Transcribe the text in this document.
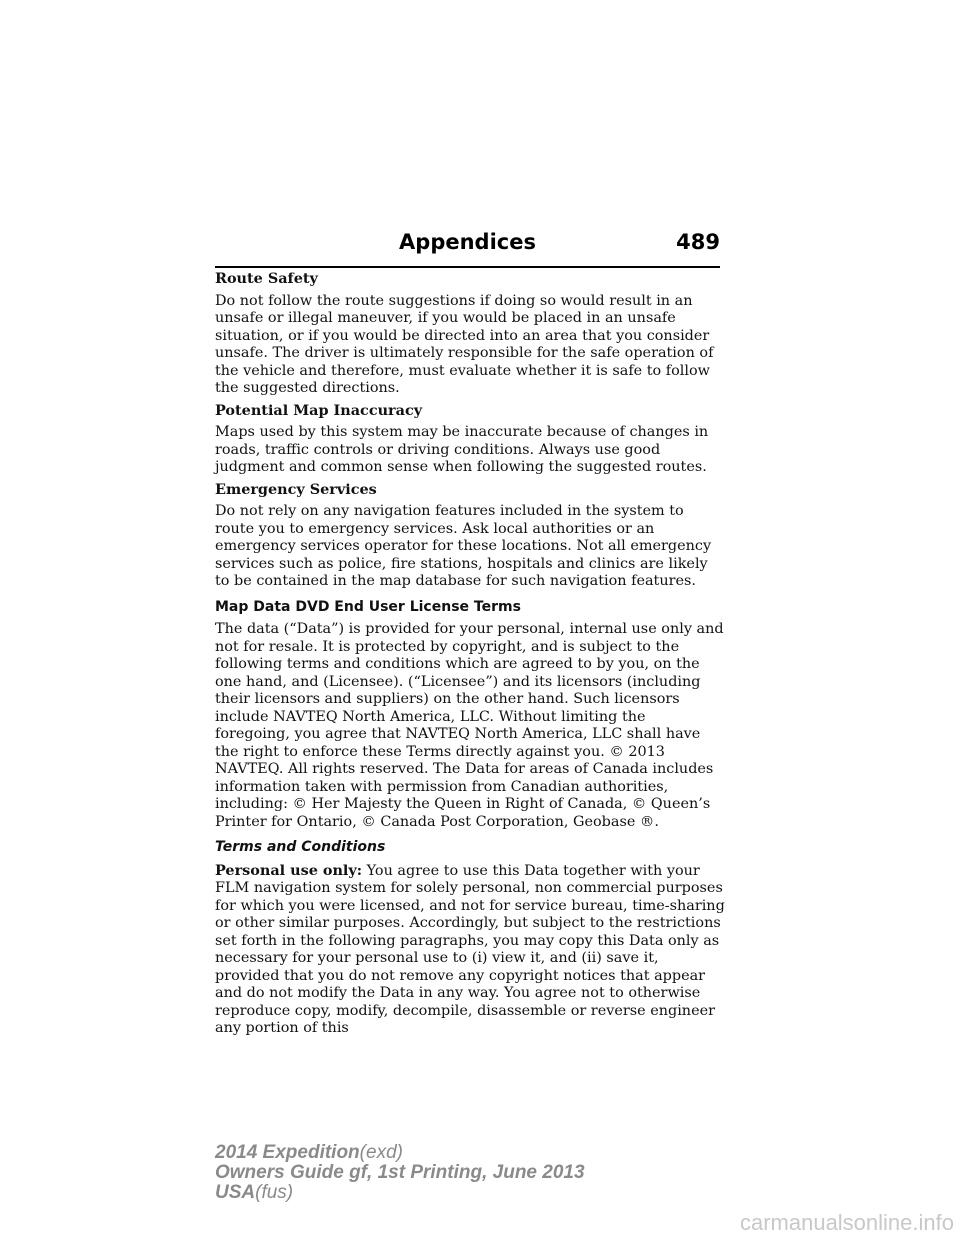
Appendices	489

Route Safety

Do not follow the route suggestions if doing so would result in an unsafe or illegal maneuver, if you would be placed in an unsafe situation, or if you would be directed into an area that you consider unsafe. The driver is ultimately responsible for the safe operation of the vehicle and therefore, must evaluate whether it is safe to follow the suggested directions.

Potential Map Inaccuracy

Maps used by this system may be inaccurate because of changes in roads, traffic controls or driving conditions. Always use good judgment and common sense when following the suggested routes.

Emergency Services

Do not rely on any navigation features included in the system to route you to emergency services. Ask local authorities or an emergency services operator for these locations. Not all emergency services such as police, fire stations, hospitals and clinics are likely to be contained in the map database for such navigation features.

Map Data DVD End User License Terms

The data (“Data”) is provided for your personal, internal use only and not for resale. It is protected by copyright, and is subject to the following terms and conditions which are agreed to by you, on the one hand, and (Licensee). (“Licensee”) and its licensors (including their licensors and suppliers) on the other hand. Such licensors include NAVTEQ North America, LLC. Without limiting the foregoing, you agree that NAVTEQ North America, LLC shall have the right to enforce these Terms directly against you. © 2013 NAVTEQ. All rights reserved. The Data for areas of Canada includes information taken with permission from Canadian authorities, including: © Her Majesty the Queen in Right of Canada, © Queen’s Printer for Ontario, © Canada Post Corporation, Geobase ®.

Terms and Conditions

Personal use only: You agree to use this Data together with your FLM navigation system for solely personal, non commercial purposes for which you were licensed, and not for service bureau, time-sharing or other similar purposes. Accordingly, but subject to the restrictions set forth in the following paragraphs, you may copy this Data only as necessary for your personal use to (i) view it, and (ii) save it, provided that you do not remove any copyright notices that appear and do not modify the Data in any way. You agree not to otherwise reproduce copy, modify, decompile, disassemble or reverse engineer any portion of this

2014 Expedition(exd)
Owners Guide gf, 1st Printing, June 2013
USA(fus)
carmanualsonline.info
